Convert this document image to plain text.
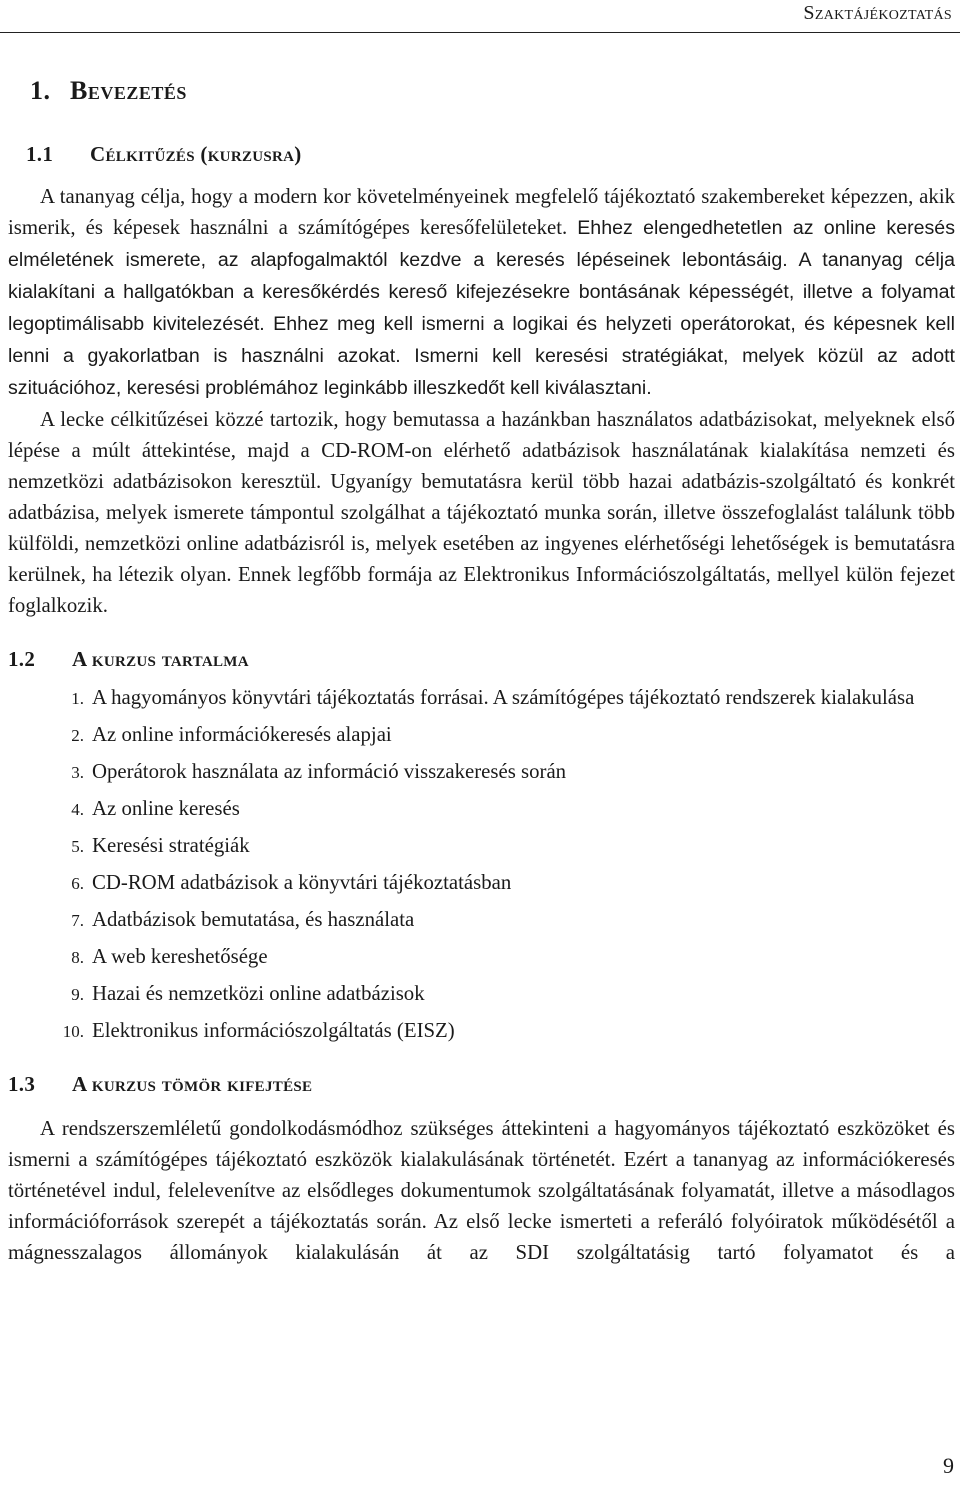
Szaktájékoztatás
1. Bevezetés
1.1 Célkitűzés (kurzusra)

A tananyag célja, hogy a modern kor követelményeinek megfelelő tájékoztató szakembereket képezzen, akik ismerik, és képesek használni a számítógépes keresőfelületeket. Ehhez elengedhetetlen az online keresés elméletének ismerete, az alapfogalmaktól kezdve a keresés lépéseinek lebontásáig. A tananyag célja kialakítani a hallgatókban a keresőkérdés kereső kifejezésekre bontásának képességét, illetve a folyamat legoptimálisabb kivitelezését. Ehhez meg kell ismerni a logikai és helyzeti operátorokat, és képesnek kell lenni a gyakorlatban is használni azokat. Ismerni kell keresési stratégiákat, melyek közül az adott szituációhoz, keresési problémához leginkább illeszkedőt kell kiválasztani.

A lecke célkitűzései közzé tartozik, hogy bemutassa a hazánkban használatos adatbázisokat, melyeknek első lépése a múlt áttekintése, majd a CD-ROM-on elérhető adatbázisok használatának kialakítása nemzeti és nemzetközi adatbázisokon keresztül. Ugyanígy bemutatásra kerül több hazai adatbázis-szolgáltató és konkrét adatbázisa, melyek ismerete támpontul szolgálhat a tájékoztató munka során, illetve összefoglalást találunk több külföldi, nemzetközi online adatbázisról is, melyek esetében az ingyenes elérhetőségi lehetőségek is bemutatásra kerülnek, ha létezik olyan. Ennek legfőbb formája az Elektronikus Információszolgáltatás, mellyel külön fejezet foglalkozik.

1.2 A kurzus tartalma
1. A hagyományos könyvtári tájékoztatás forrásai. A számítógépes tájékoztató rendszerek kialakulása
2. Az online információkeresés alapjai
3. Operátorok használata az információ visszakeresés során
4. Az online keresés
5. Keresési stratégiák
6. CD-ROM adatbázisok a könyvtári tájékoztatásban
7. Adatbázisok bemutatása, és használata
8. A web kereshetősége
9. Hazai és nemzetközi online adatbázisok
10. Elektronikus információszolgáltatás (EISZ)
1.3 A kurzus tömör kifejtése

A rendszerszemléletű gondolkodásmódhoz szükséges áttekinteni a hagyományos tájékoztató eszközöket és ismerni a számítógépes tájékoztató eszközök kialakulásának történetét. Ezért a tananyag az információkeresés történetével indul, felelevenítve az elsődleges dokumentumok szolgáltatásának folyamatát, illetve a másodlagos információforrások szerepét a tájékoztatás során. Az első lecke ismerteti a referáló folyóiratok működésétől a mágnesszalagos állományok kialakulásán át az SDI szolgáltatásig tartó folyamatot és a

9
